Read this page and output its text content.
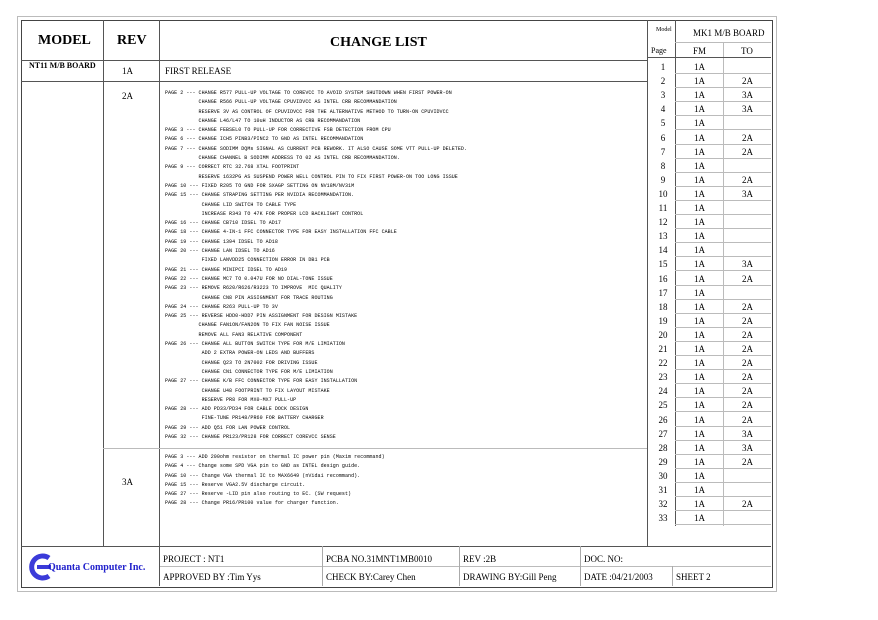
MODEL REV	CHANGE LIST
NT11 M/B BOARD
1A	FIRST RELEASE
2A	PAGE 2 --- CHANGE R577 PULL-UP VOLTAGE TO COREVCC TO AVOID SYSTEM SHUTDOWN WHEN FIRST POWER-ON
CHANGE R566 PULL-UP VOLTAGE CPUVIDVCC AS INTEL CRB RECOMMANDATION
RESERVE 3V AS CONTROL OF CPUVIDVCC FOR THE ALTERNATIVE METHOD TO TURN-ON CPUVIDVCC
CHANGE L46/L47 TO 10uH INDUCTOR AS CRB RECOMMANDATION
PAGE 3 --- CHANGE FEBSEL0 TO PULL-UP FOR CORRECTIVE FSB DETECTION FROM CPU
PAGE 6 --- CHANGE ICH5 PINB3/PINC2 TO GND AS INTEL RECOMMANDATION
PAGE 7 --- CHANGE SODIMM DQMs SIGNAL AS CURRENT PCB REWORK. IT ALSO CAUSE SOME VTT PULL-UP DELETED.
CHANGE CHANNEL B SODIMM ADDRESS TO 02 AS INTEL CRB RECOMMANDATION.
PAGE 9 --- CORRECT RTC 32.768 XTAL FOOTPRINT
RESERVE 1632PG AS SUSPEND POWER WELL CONTROL PIN TO FIX FIRST POWER-ON TOO LONG ISSUE
PAGE 10 --- FIXED R205 TO GND FOR SXAGP SETTING ON NV18M/NV31M
PAGE 15 --- CHANGE STRAPING SETTING PER NVIDIA RECOMMANDATION.
CHANGE LID SWITCH TO CABLE TYPE
INCREASE R343 TO 47K FOR PROPER LCD BACKLIGHT CONTROL
PAGE 16 --- CHANGE CB710 IDSEL TO AD17
PAGE 18 --- CHANGE 4-IN-1 FFC CONNECTOR TYPE FOR EASY INSTALLATION FFC CABLE
PAGE 19 --- CHANGE 1394 IDSEL TO AD18
PAGE 20 --- CHANGE LAN IDSEL TO AD16
FIXED LANVDD25 CONNECTION ERROR IN DB1 PCB
PAGE 21 --- CHANGE MINIPCI IDSEL TO AD19
PAGE 22 --- CHANGE MC7 TO 0.047U FOR NO DIAL-TONE ISSUE
PAGE 23 --- REMOVE R620/R626/R3223 TO IMPROVE  MIC QUALITY
CHANGE CN8 PIN ASSIGNMENT FOR TRACE ROUTING
PAGE 24 --- CHANGE R263 PULL-UP TO 3V
PAGE 25 --- REVERSE HDD0-HDD7 PIN ASSIGNMENT FOR DESIGN MISTAKE
CHANGE FAN1ON/FAN2ON TO FIX FAN NOISE ISSUE
REMOVE ALL FAN3 RELATIVE COMPONENT
PAGE 26 --- CHANGE ALL BUTTON SWITCH TYPE FOR M/E LIMIATION
ADD 2 EXTRA POWER-ON LEDS AND BUFFERS
CHANGE Q23 TO 2N7002 FOR DRIVING ISSUE
CHANGE CN1 CONNECTOR TYPE FOR M/E LIMIATION
PAGE 27 --- CHANGE K/B FFC CONNECTOR TYPE FOR EASY INSTALLATION
CHANGE U48 FOOTPRINT TO FIX LAYOUT MISTAKE
RESERVE PR8 FOR MX0-MX7 PULL-UP
PAGE 28 --- ADD PD33/PD34 FOR CABLE DOCK DESIGN
FINE-TUNE PR148/PR60 FOR BATTERY CHARGER
PAGE 29 --- ADD Q51 FOR LAN POWER CONTROL
PAGE 32 --- CHANGE PR123/PR128 FOR CORRECT COREVCC SENSE
3A
PAGE 3 --- ADD 200ohm resistor on thermal IC power pin (Maxim recommand)
PAGE 4 --- Change some SPD VGA pin to GND as INTEL design guide.
PAGE 10 --- Change VGA thermal IC to MAX6649 (nVidai recommand).
PAGE 15 --- Reserve VGA2.5V discharge circuit.
PAGE 27 --- Reserve -LID pin also routing to EC. (SW request)
PAGE 28 --- Change PR16/PR100 value for charger function.
Model
Page
MK1 M/B BOARD
FM	TO
1	1A
2	1A	2A
3	1A	3A
4	1A	3A
5	1A
6	1A	2A
7	1A	2A
8	1A
9	1A	2A
10	1A	3A
11	1A
12	1A
13	1A
14	1A
15	1A	3A
16	1A	2A
17	1A
18	1A	2A
19	1A	2A
20	1A	2A
21	1A	2A
22	1A	2A
23	1A	2A
24	1A	2A
25	1A	2A
26	1A	2A
27	1A	3A
28	1A	3A
29	1A	2A
30	1A
31	1A
32	1A	2A
33	1A
Quanta Computer Inc.
PROJECT : NT1
APPROVED BY :Tim Yys
PCBA NO.31MNT1MB0010
CHECK BY:Carey Chen
REV :2B
DRAWING BY:Gill Peng
DOC. NO:
DATE :04/21/2003	SHEET 2
